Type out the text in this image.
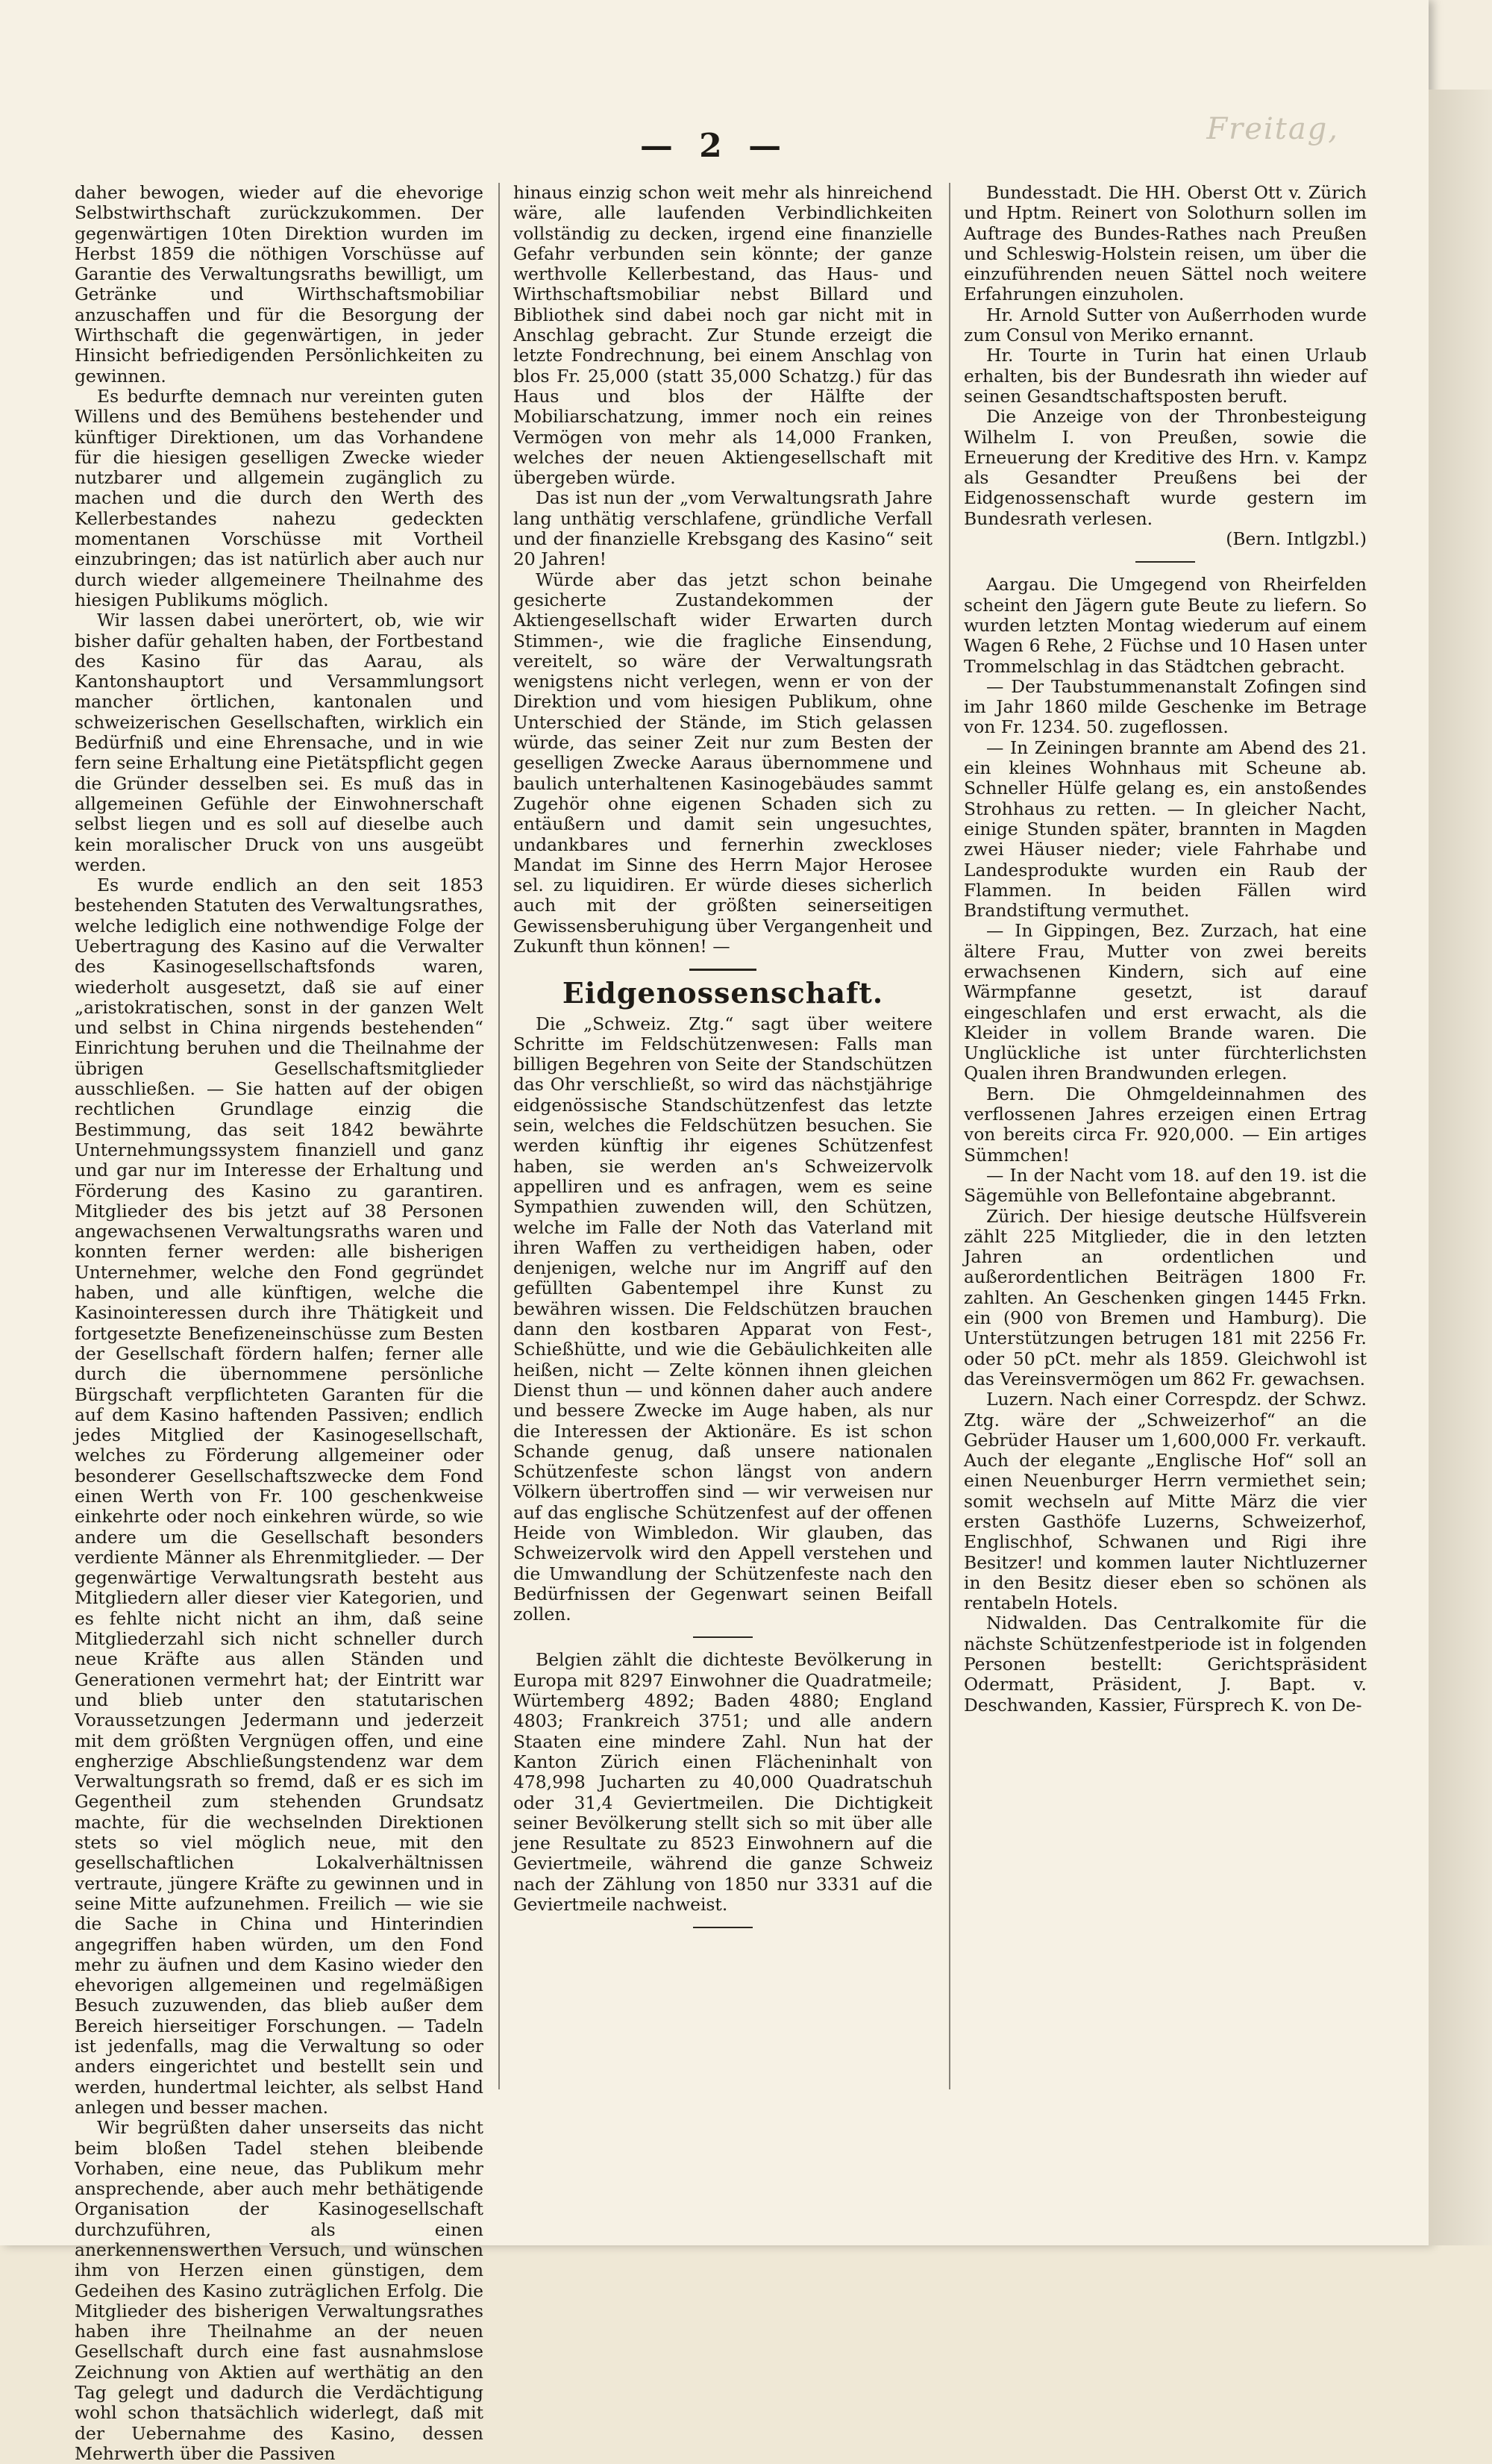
Freitag,
— 2 —

daher bewogen, wieder auf die ehevorige Selbstwirthschaft zurückzukommen. Der gegenwärtigen 10ten Direktion wurden im Herbst 1859 die nöthigen Vorschüsse auf Garantie des Verwaltungsraths bewilligt, um Getränke und Wirthschaftsmobiliar anzuschaffen und für die Besorgung der Wirthschaft die gegenwärtigen, in jeder Hinsicht befriedigenden Persönlichkeiten zu gewinnen.

Es bedurfte demnach nur vereinten guten Willens und des Bemühens bestehender und künftiger Direktionen, um das Vorhandene für die hiesigen geselligen Zwecke wieder nutzbarer und allgemein zugänglich zu machen und die durch den Werth des Kellerbestandes nahezu gedeckten momentanen Vorschüsse mit Vortheil einzubringen; das ist natürlich aber auch nur durch wieder allgemeinere Theilnahme des hiesigen Publikums möglich.

Wir lassen dabei unerörtert, ob, wie wir bisher dafür gehalten haben, der Fortbestand des Kasino für das Aarau, als Kantonshauptort und Versammlungsort mancher örtlichen, kantonalen und schweizerischen Gesellschaften, wirklich ein Bedürfniß und eine Ehrensache, und in wie fern seine Erhaltung eine Pietätspflicht gegen die Gründer desselben sei. Es muß das in allgemeinen Gefühle der Einwohnerschaft selbst liegen und es soll auf dieselbe auch kein moralischer Druck von uns ausgeübt werden.

Es wurde endlich an den seit 1853 bestehenden Statuten des Verwaltungsrathes, welche lediglich eine nothwendige Folge der Uebertragung des Kasino auf die Verwalter des Kasinogesellschaftsfonds waren, wiederholt ausgesetzt, daß sie auf einer „aristokratischen, sonst in der ganzen Welt und selbst in China nirgends bestehenden“ Einrichtung beruhen und die Theilnahme der übrigen Gesellschaftsmitglieder ausschließen. — Sie hatten auf der obigen rechtlichen Grundlage einzig die Bestimmung, das seit 1842 bewährte Unternehmungssystem finanziell und ganz und gar nur im Interesse der Erhaltung und Förderung des Kasino zu garantiren. Mitglieder des bis jetzt auf 38 Personen angewachsenen Verwaltungsraths waren und konnten ferner werden: alle bisherigen Unternehmer, welche den Fond gegründet haben, und alle künftigen, welche die Kasinointeressen durch ihre Thätigkeit und fortgesetzte Benefizeneinschüsse zum Besten der Gesellschaft fördern halfen; ferner alle durch die übernommene persönliche Bürgschaft verpflichteten Garanten für die auf dem Kasino haftenden Passiven; endlich jedes Mitglied der Kasinogesellschaft, welches zu Förderung allgemeiner oder besonderer Gesellschaftszwecke dem Fond einen Werth von Fr. 100 geschenkweise einkehrte oder noch einkehren würde, so wie andere um die Gesellschaft besonders verdiente Männer als Ehrenmitglieder. — Der gegenwärtige Verwaltungsrath besteht aus Mitgliedern aller dieser vier Kategorien, und es fehlte nicht nicht an ihm, daß seine Mitgliederzahl sich nicht schneller durch neue Kräfte aus allen Ständen und Generationen vermehrt hat; der Eintritt war und blieb unter den statutarischen Voraussetzungen Jedermann und jederzeit mit dem größten Vergnügen offen, und eine engherzige Abschließungstendenz war dem Verwaltungsrath so fremd, daß er es sich im Gegentheil zum stehenden Grundsatz machte, für die wechselnden Direktionen stets so viel möglich neue, mit den gesellschaftlichen Lokalverhältnissen vertraute, jüngere Kräfte zu gewinnen und in seine Mitte aufzunehmen. Freilich — wie sie die Sache in China und Hinterindien angegriffen haben würden, um den Fond mehr zu äufnen und dem Kasino wieder den ehevorigen allgemeinen und regelmäßigen Besuch zuzuwenden, das blieb außer dem Bereich hierseitiger Forschungen. — Tadeln ist jedenfalls, mag die Verwaltung so oder anders eingerichtet und bestellt sein und werden, hundertmal leichter, als selbst Hand anlegen und besser machen.

Wir begrüßten daher unserseits das nicht beim bloßen Tadel stehen bleibende Vorhaben, eine neue, das Publikum mehr ansprechende, aber auch mehr bethätigende Organisation der Kasinogesellschaft durchzuführen, als einen anerkennenswerthen Versuch, und wünschen ihm von Herzen einen günstigen, dem Gedeihen des Kasino zuträglichen Erfolg. Die Mitglieder des bisherigen Verwaltungsrathes haben ihre Theilnahme an der neuen Gesellschaft durch eine fast ausnahmslose Zeichnung von Aktien auf werthätig an den Tag gelegt und dadurch die Verdächtigung wohl schon thatsächlich widerlegt, daß mit der Uebernahme des Kasino, dessen Mehrwerth über die Passiven

hinaus einzig schon weit mehr als hinreichend wäre, alle laufenden Verbindlichkeiten vollständig zu decken, irgend eine finanzielle Gefahr verbunden sein könnte; der ganze werthvolle Kellerbestand, das Haus- und Wirthschaftsmobiliar nebst Billard und Bibliothek sind dabei noch gar nicht mit in Anschlag gebracht. Zur Stunde erzeigt die letzte Fondrechnung, bei einem Anschlag von blos Fr. 25,000 (statt 35,000 Schatzg.) für das Haus und blos der Hälfte der Mobiliarschatzung, immer noch ein reines Vermögen von mehr als 14,000 Franken, welches der neuen Aktiengesellschaft mit übergeben würde.

Das ist nun der „vom Verwaltungsrath Jahre lang unthätig verschlafene, gründliche Verfall und der finanzielle Krebsgang des Kasino“ seit 20 Jahren!

Würde aber das jetzt schon beinahe gesicherte Zustandekommen der Aktiengesellschaft wider Erwarten durch Stimmen-, wie die fragliche Einsendung, vereitelt, so wäre der Verwaltungsrath wenigstens nicht verlegen, wenn er von der Direktion und vom hiesigen Publikum, ohne Unterschied der Stände, im Stich gelassen würde, das seiner Zeit nur zum Besten der geselligen Zwecke Aaraus übernommene und baulich unterhaltenen Kasinogebäudes sammt Zugehör ohne eigenen Schaden sich zu entäußern und damit sein ungesuchtes, undankbares und fernerhin zweckloses Mandat im Sinne des Herrn Major Herosee sel. zu liquidiren. Er würde dieses sicherlich auch mit der größten seinerseitigen Gewissensberuhigung über Vergangenheit und Zukunft thun können! —

Eidgenossenschaft.

Die „Schweiz. Ztg.“ sagt über weitere Schritte im Feldschützenwesen: Falls man billigen Begehren von Seite der Standschützen das Ohr verschließt, so wird das nächstjährige eidgenössische Standschützenfest das letzte sein, welches die Feldschützen besuchen. Sie werden künftig ihr eigenes Schützenfest haben, sie werden an's Schweizervolk appelliren und es anfragen, wem es seine Sympathien zuwenden will, den Schützen, welche im Falle der Noth das Vaterland mit ihren Waffen zu vertheidigen haben, oder denjenigen, welche nur im Angriff auf den gefüllten Gabentempel ihre Kunst zu bewähren wissen. Die Feldschützen brauchen dann den kostbaren Apparat von Fest-, Schießhütte, und wie die Gebäulichkeiten alle heißen, nicht — Zelte können ihnen gleichen Dienst thun — und können daher auch andere und bessere Zwecke im Auge haben, als nur die Interessen der Aktionäre. Es ist schon Schande genug, daß unsere nationalen Schützenfeste schon längst von andern Völkern übertroffen sind — wir verweisen nur auf das englische Schützenfest auf der offenen Heide von Wimbledon. Wir glauben, das Schweizervolk wird den Appell verstehen und die Umwandlung der Schützenfeste nach den Bedürfnissen der Gegenwart seinen Beifall zollen.

Belgien zählt die dichteste Bevölkerung in Europa mit 8297 Einwohner die Quadratmeile; Würtemberg 4892; Baden 4880; England 4803; Frankreich 3751; und alle andern Staaten eine mindere Zahl. Nun hat der Kanton Zürich einen Flächeninhalt von 478,998 Jucharten zu 40,000 Quadratschuh oder 31,4 Geviertmeilen. Die Dichtigkeit seiner Bevölkerung stellt sich so mit über alle jene Resultate zu 8523 Einwohnern auf die Geviertmeile, während die ganze Schweiz nach der Zählung von 1850 nur 3331 auf die Geviertmeile nachweist.

Bundesstadt. Die HH. Oberst Ott v. Zürich und Hptm. Reinert von Solothurn sollen im Auftrage des Bundes-Rathes nach Preußen und Schleswig-Holstein reisen, um über die einzuführenden neuen Sättel noch weitere Erfahrungen einzuholen.

Hr. Arnold Sutter von Außerrhoden wurde zum Consul von Meriko ernannt.

Hr. Tourte in Turin hat einen Urlaub erhalten, bis der Bundesrath ihn wieder auf seinen Gesandtschaftsposten beruft.

Die Anzeige von der Thronbesteigung Wilhelm I. von Preußen, sowie die Erneuerung der Kreditive des Hrn. v. Kampz als Gesandter Preußens bei der Eidgenossenschaft wurde gestern im Bundesrath verlesen.

(Bern. Intlgzbl.)

Aargau. Die Umgegend von Rheirfelden scheint den Jägern gute Beute zu liefern. So wurden letzten Montag wiederum auf einem Wagen 6 Rehe, 2 Füchse und 10 Hasen unter Trommelschlag in das Städtchen gebracht.

— Der Taubstummenanstalt Zofingen sind im Jahr 1860 milde Geschenke im Betrage von Fr. 1234. 50. zugeflossen.

— In Zeiningen brannte am Abend des 21. ein kleines Wohnhaus mit Scheune ab. Schneller Hülfe gelang es, ein anstoßendes Strohhaus zu retten. — In gleicher Nacht, einige Stunden später, brannten in Magden zwei Häuser nieder; viele Fahrhabe und Landesprodukte wurden ein Raub der Flammen. In beiden Fällen wird Brandstiftung vermuthet.

— In Gippingen, Bez. Zurzach, hat eine ältere Frau, Mutter von zwei bereits erwachsenen Kindern, sich auf eine Wärmpfanne gesetzt, ist darauf eingeschlafen und erst erwacht, als die Kleider in vollem Brande waren. Die Unglückliche ist unter fürchterlichsten Qualen ihren Brandwunden erlegen.

Bern. Die Ohmgeldeinnahmen des verflossenen Jahres erzeigen einen Ertrag von bereits circa Fr. 920,000. — Ein artiges Sümmchen!

— In der Nacht vom 18. auf den 19. ist die Sägemühle von Bellefontaine abgebrannt.

Zürich. Der hiesige deutsche Hülfsverein zählt 225 Mitglieder, die in den letzten Jahren an ordentlichen und außerordentlichen Beiträgen 1800 Fr. zahlten. An Geschenken gingen 1445 Frkn. ein (900 von Bremen und Hamburg). Die Unterstützungen betrugen 181 mit 2256 Fr. oder 50 pCt. mehr als 1859. Gleichwohl ist das Vereinsvermögen um 862 Fr. gewachsen.

Luzern. Nach einer Correspdz. der Schwz. Ztg. wäre der „Schweizerhof“ an die Gebrüder Hauser um 1,600,000 Fr. verkauft. Auch der elegante „Englische Hof“ soll an einen Neuenburger Herrn vermiethet sein; somit wechseln auf Mitte März die vier ersten Gasthöfe Luzerns, Schweizerhof, Englischhof, Schwanen und Rigi ihre Besitzer! und kommen lauter Nichtluzerner in den Besitz dieser eben so schönen als rentabeln Hotels.

Nidwalden. Das Centralkomite für die nächste Schützenfestperiode ist in folgenden Personen bestellt: Gerichtspräsident Odermatt, Präsident, J. Bapt. v. Deschwanden, Kassier, Fürsprech K. von De-
